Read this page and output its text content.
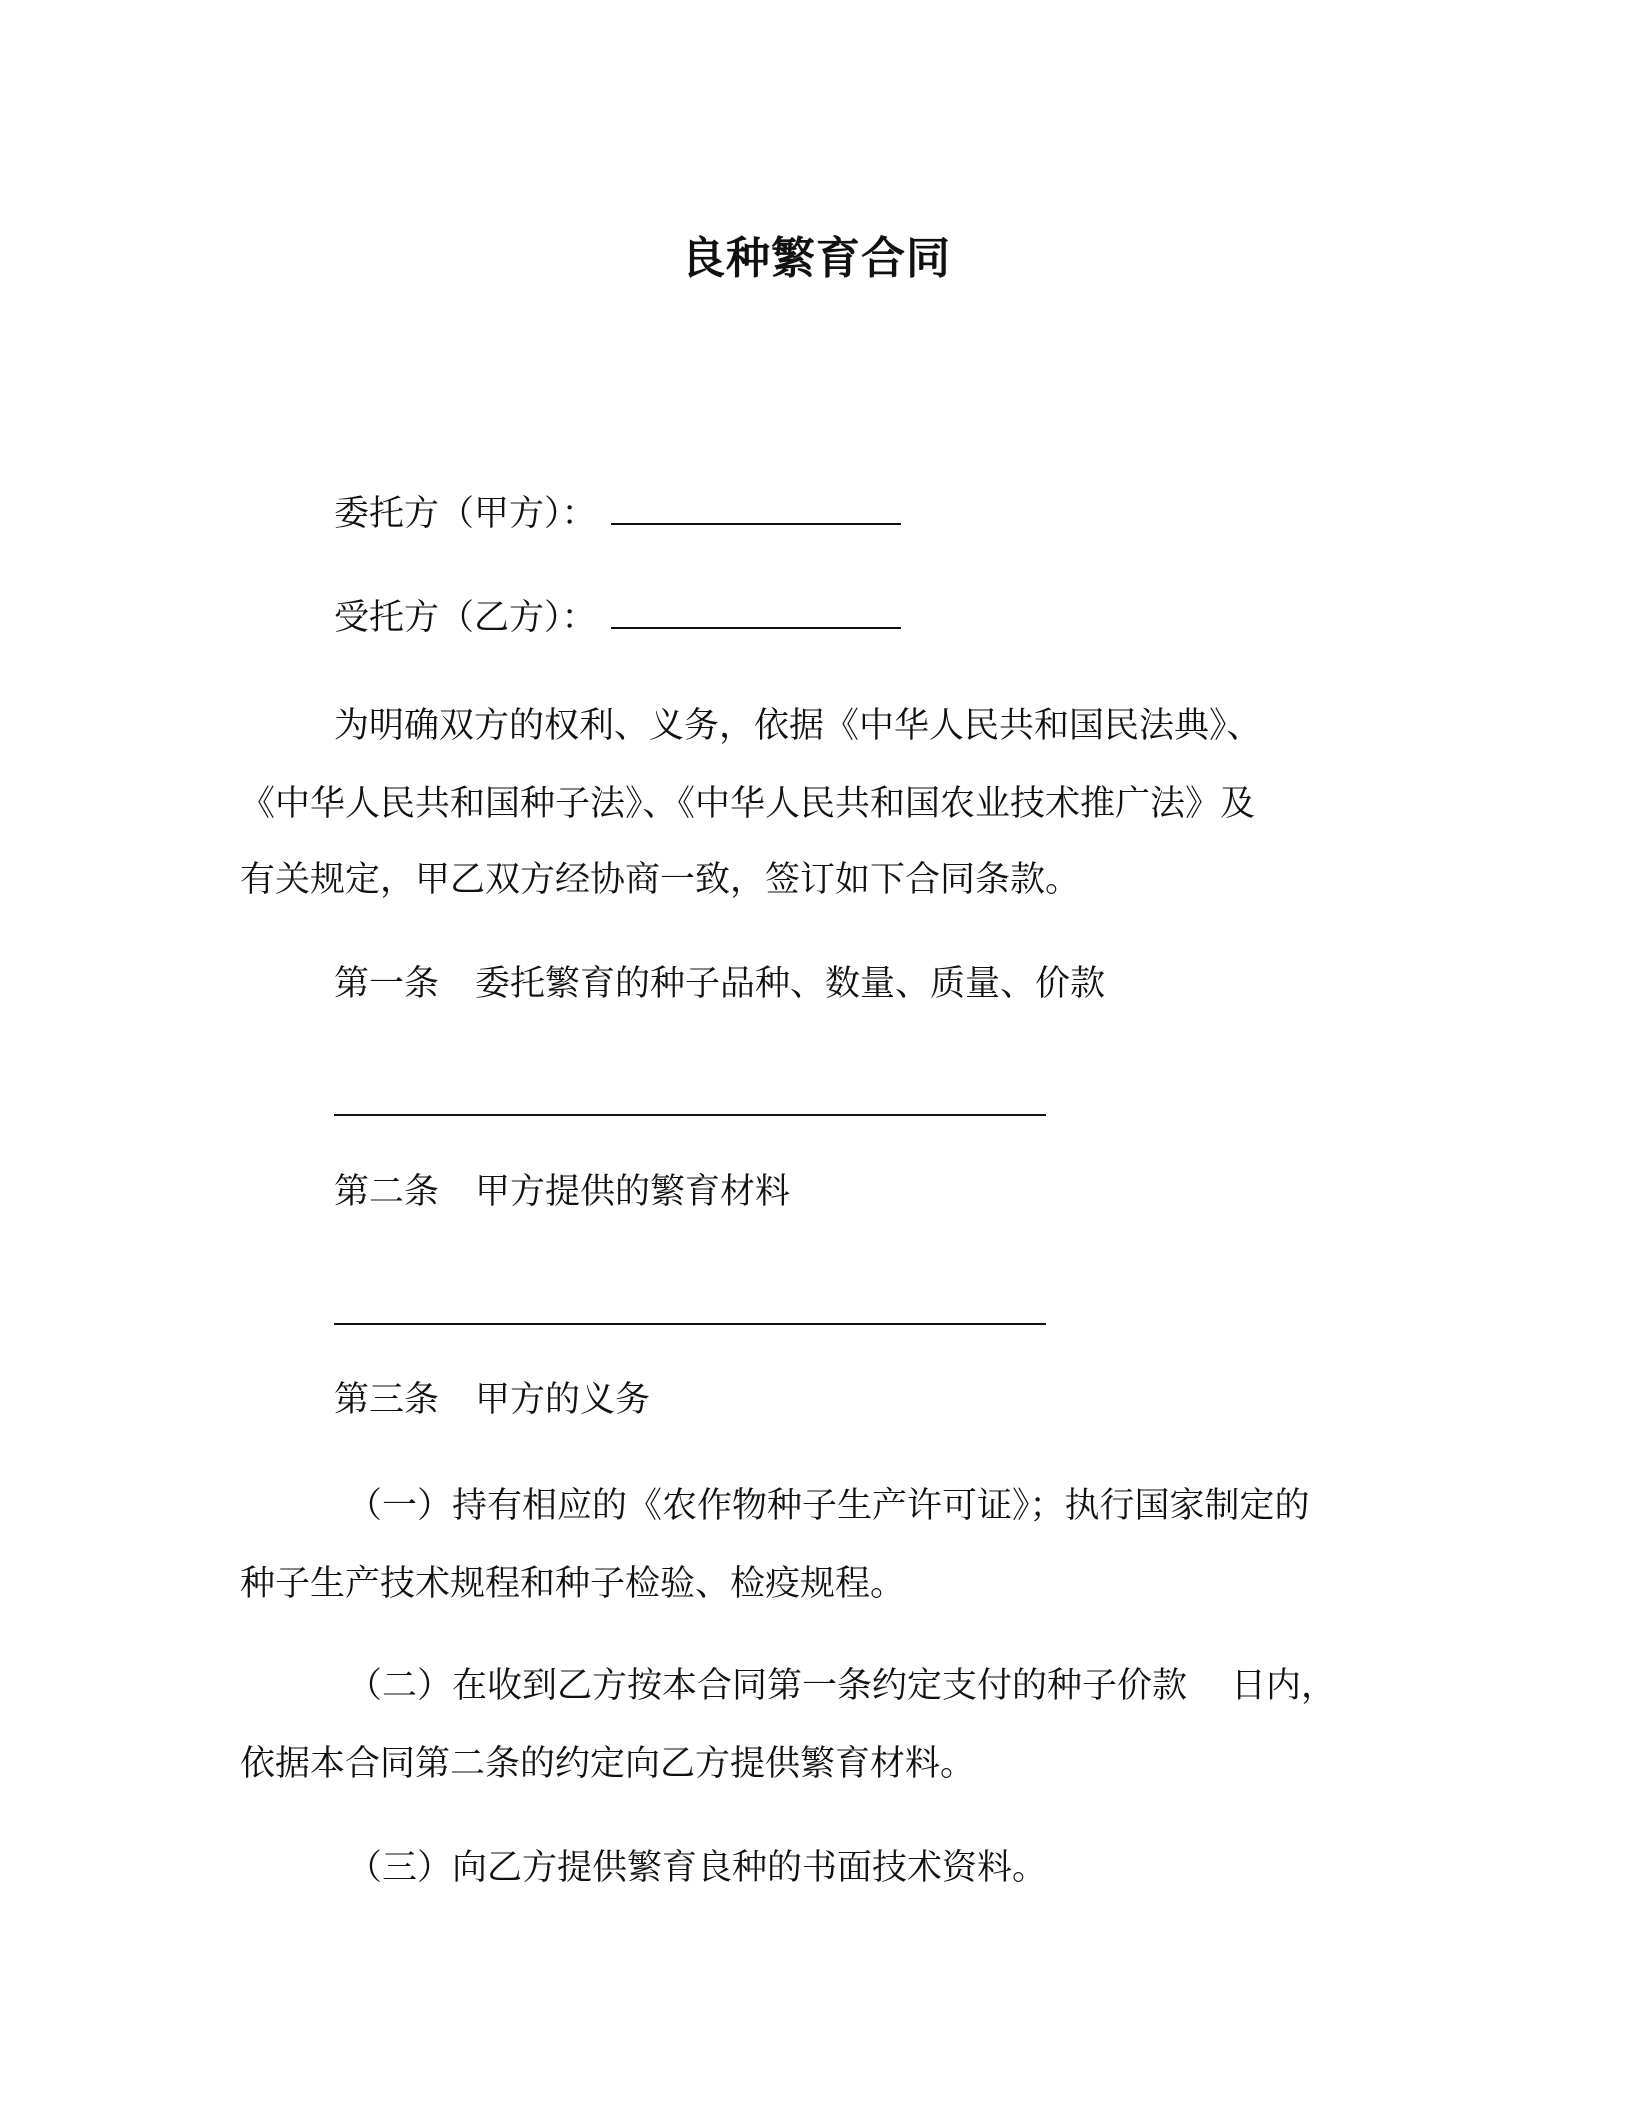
良种繁育合同
委托方（甲方）：
受托方（乙方）：
为明确双方的权利、义务，依据《中华人民共和国民法典》、
《中华人民共和国种子法》、《中华人民共和国农业技术推广法》及
有关规定，甲乙双方经协商一致，签订如下合同条款。
第一条 委托繁育的种子品种、数量、质量、价款
第二条 甲方提供的繁育材料
第三条 甲方的义务
（一）持有相应的《农作物种子生产许可证》；执行国家制定的
种子生产技术规程和种子检验、检疫规程。
（二）在收到乙方按本合同第一条约定支付的种子价款 日内，
依据本合同第二条的约定向乙方提供繁育材料。
（三）向乙方提供繁育良种的书面技术资料。
